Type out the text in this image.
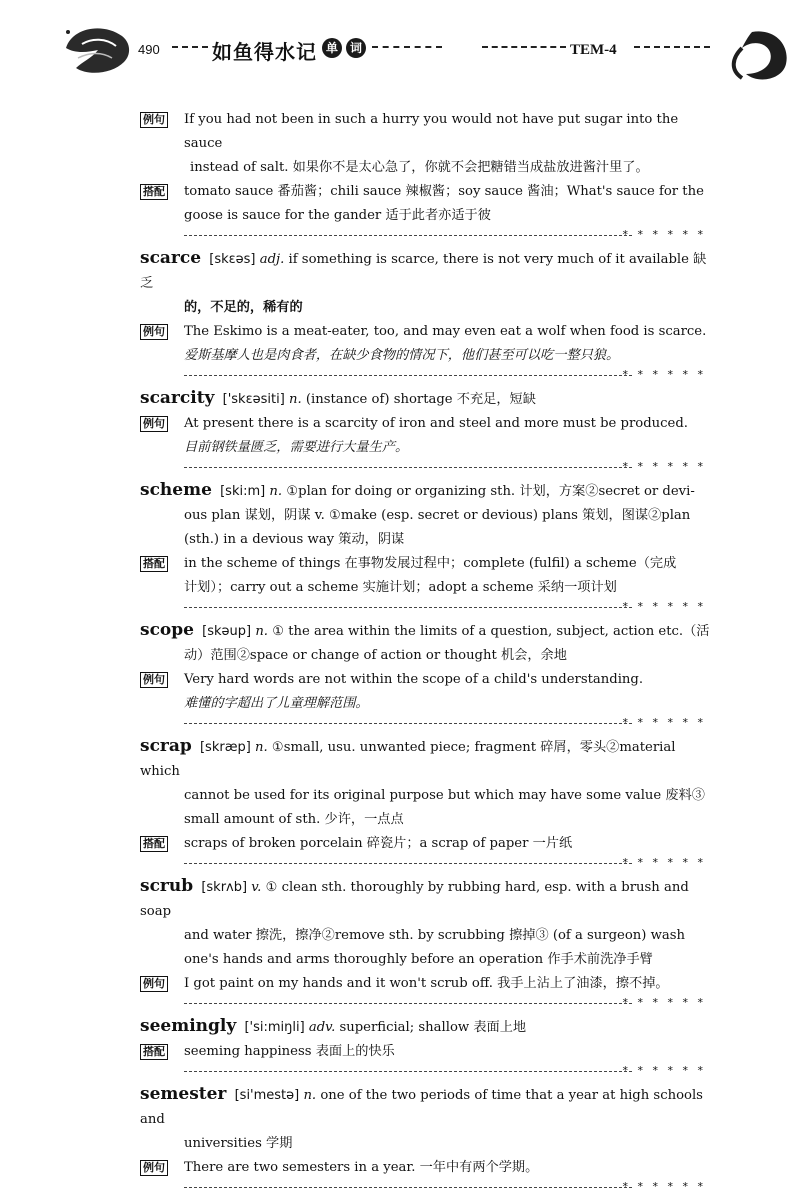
490	如鱼得水记 单 词	TEM-4
例句	If you had not been in such a hurry you would not have put sugar into the sauce
instead of salt. 如果你不是太心急了，你就不会把糖错当成盐放进酱汁里了。
搭配	tomato sauce 番茄酱；chili sauce 辣椒酱；soy sauce 酱油；What's sauce for the
goose is sauce for the gander 适于此者亦适于彼
* * * * * *
scarce [skɛəs] adj. if something is scarce, there is not very much of it available 缺乏
的，不足的，稀有的
例句	The Eskimo is a meat-eater, too, and may even eat a wolf when food is scarce.
爱斯基摩人也是肉食者，在缺少食物的情况下，他们甚至可以吃一整只狼。
* * * * * *
scarcity ['skɛəsiti] n. (instance of) shortage 不充足，短缺
例句	At present there is a scarcity of iron and steel and more must be produced.
目前钢铁量匮乏，需要进行大量生产。
* * * * * *
scheme [ski:m] n. ①plan for doing or organizing sth. 计划，方案②secret or devi-
ous plan 谋划，阴谋 v. ①make (esp. secret or devious) plans 策划，图谋②plan
(sth.) in a devious way 策动，阴谋
搭配	in the scheme of things 在事物发展过程中；complete (fulfil) a scheme（完成
计划）；carry out a scheme 实施计划；adopt a scheme 采纳一项计划
* * * * * *
scope [skəup] n. ① the area within the limits of a question, subject, action etc.（活
动）范围②space or change of action or thought 机会，余地
例句	Very hard words are not within the scope of a child's understanding.
难懂的字超出了儿童理解范围。
* * * * * *
scrap [skræp] n. ①small, usu. unwanted piece; fragment 碎屑，零头②material which
cannot be used for its original purpose but which may have some value 废料③
small amount of sth. 少许，一点点
搭配	scraps of broken porcelain 碎瓷片；a scrap of paper 一片纸
* * * * * *
scrub [skrʌb] v. ① clean sth. thoroughly by rubbing hard, esp. with a brush and soap
and water 擦洗，擦净②remove sth. by scrubbing 擦掉③ (of a surgeon) wash
one's hands and arms thoroughly before an operation 作手术前洗净手臂
例句	I got paint on my hands and it won't scrub off. 我手上沾上了油漆，擦不掉。
* * * * * *
seemingly ['si:miŋli] adv. superficial; shallow 表面上地
搭配	seeming happiness 表面上的快乐
* * * * * *
semester [si'mestə] n. one of the two periods of time that a year at high schools and
universities 学期
例句	There are two semesters in a year. 一年中有两个学期。
* * * * * *
